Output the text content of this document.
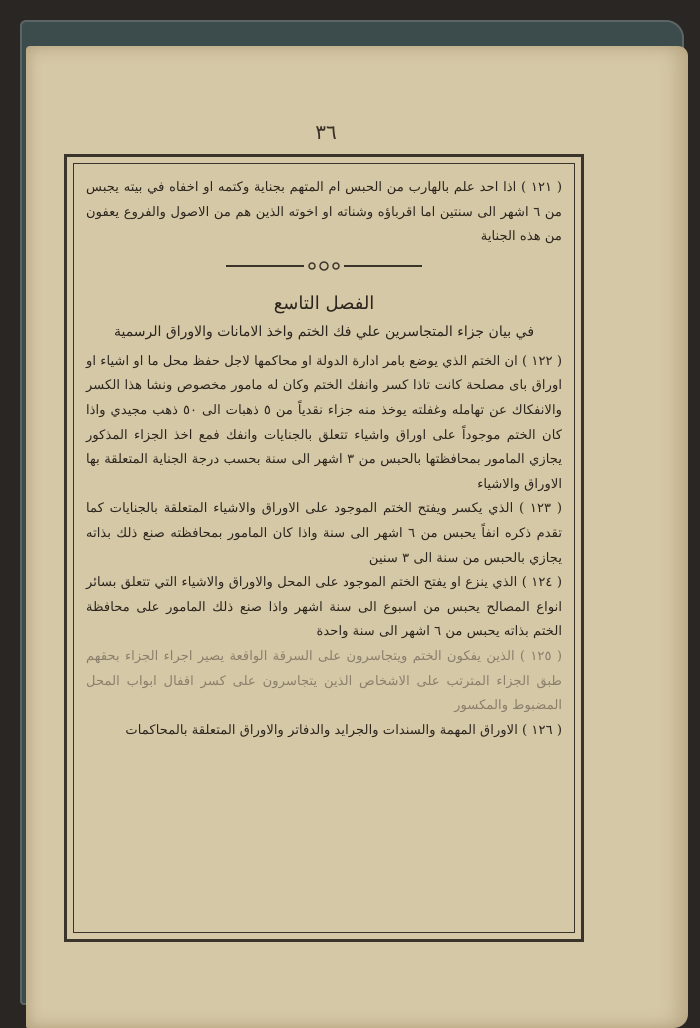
٣٦

( ١٢١ ) اذا احد علم بالهارب من الحبس ام المتهم بجناية وكتمه او اخفاه في بيته يجبس من ٦ اشهر الى سنتين اما اقرباؤه وشناته او اخوته الذين هم من الاصول والفروع يعفون من هذه الجناية

الفصل التاسع

في بيان جزاء المتجاسرين علي فك الختم واخذ الامانات والاوراق الرسمية

( ١٢٢ ) ان الختم الذي يوضع بامر ادارة الدولة او محاكمها لاجل حفظ محل ما او اشياء او اوراق باى مصلحة كانت تاذا كسر وانفك الختم وكان له مامور مخصوص ونشا هذا الكسر والانفكاك عن تهامله وغفلته يوخذ منه جزاء نقدياً من ٥ ذهبات الى ٥٠ ذهب مجيدي واذا كان الختم موجوداً على اوراق واشياء تتعلق بالجنايات وانفك فمع اخذ الجزاء المذكور يجازي المامور بمحافظتها بالحبس من ٣ اشهر الى سنة بحسب درجة الجناية المتعلقة بها الاوراق والاشياء

( ١٢٣ ) الذي يكسر ويفتح الختم الموجود على الاوراق والاشياء المتعلقة بالجنايات كما تقدم ذكره انفاً يحبس من ٦ اشهر الى سنة واذا كان المامور بمحافظته صنع ذلك بذاته يجازي بالحبس من سنة الى ٣ سنين

( ١٢٤ ) الذي ينزع او يفتح الختم الموجود على المحل والاوراق والاشياء التي تتعلق بسائر انواع المصالح يحبس من اسبوع الى سنة اشهر واذا صنع ذلك المامور على محافظة الختم بذاته يحبس من ٦ اشهر الى سنة واحدة

( ١٢٥ ) الذين يفكون الختم ويتجاسرون على السرقة الواقعة يصير اجراء الجزاء بحقهم طبق الجزاء المترتب على الاشخاص الذين يتجاسرون على كسر اقفال ابواب المحل المضبوط والمكسور

( ١٢٦ ) الاوراق المهمة والسندات والجرايد والدفاتر والاوراق المتعلقة بالمحاكمات
